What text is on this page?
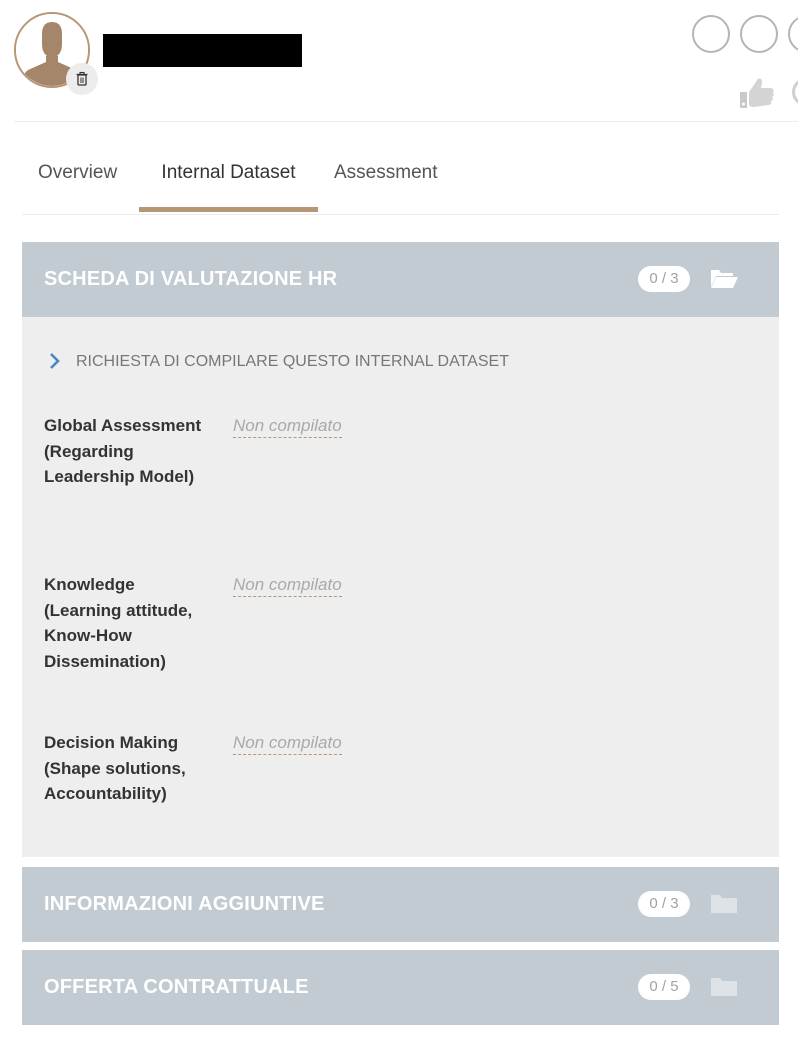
Overview	Internal Dataset	Assessment
SCHEDA DI VALUTAZIONE HR	0 / 3
RICHIESTA DI COMPILARE QUESTO INTERNAL DATASET
Global Assessment (Regarding Leadership Model)
Non compilato
Knowledge (Learning attitude, Know-How Dissemination)
Non compilato
Decision Making (Shape solutions, Accountability)
Non compilato
INFORMAZIONI AGGIUNTIVE	0 / 3
OFFERTA CONTRATTUALE	0 / 5
